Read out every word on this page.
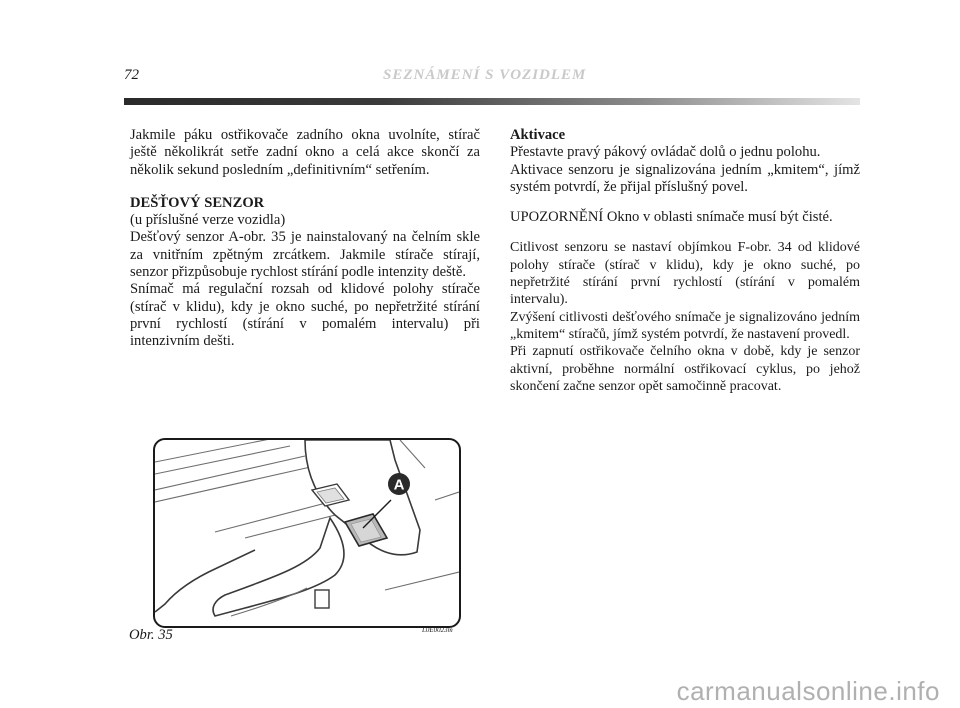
72	SEZNÁMENÍ S VOZIDLEM

Jakmile páku ostřikovače zadního okna uvolníte, stírač ještě několikrát setře zadní okno a celá akce skončí za několik sekund posledním „definitivním“ setřením.

DEŠŤOVÝ SENZOR

(u příslušné verze vozidla)

Dešťový senzor A-obr. 35 je nainstalovaný na čelním skle za vnitřním zpětným zrcátkem. Jakmile stírače stírají, senzor přizpůsobuje rychlost stírání podle intenzity deště.

Snímač má regulační rozsah od klidové polohy stírače (stírač v klidu), kdy je okno suché, po nepřetržité stírání první rychlostí (stírání v pomalém intervalu) při intenzivním dešti.

Aktivace

Přestavte pravý pákový ovládač dolů o jednu polohu.

Aktivace senzoru je signalizována jedním „kmitem“, jímž systém potvrdí, že přijal příslušný povel.

UPOZORNĚNÍ Okno v oblasti snímače musí být čisté.

Citlivost senzoru se nastaví objímkou F-obr. 34 od klidové polohy stírače (stírač v klidu), kdy je okno suché, po nepřetržité stírání první rychlostí (stírání v pomalém intervalu).

Zvýšení citlivosti dešťového snímače je signalizováno jedním „kmitem“ stíračů, jímž systém potvrdí, že nastavení provedl.

Při zapnutí ostřikovače čelního okna v době, kdy je senzor aktivní, proběhne normální ostřikovací cyklus, po jehož skončení začne senzor opět samočinně pracovat.

A
Obr. 35	L0E0023m
carmanualsonline.info
